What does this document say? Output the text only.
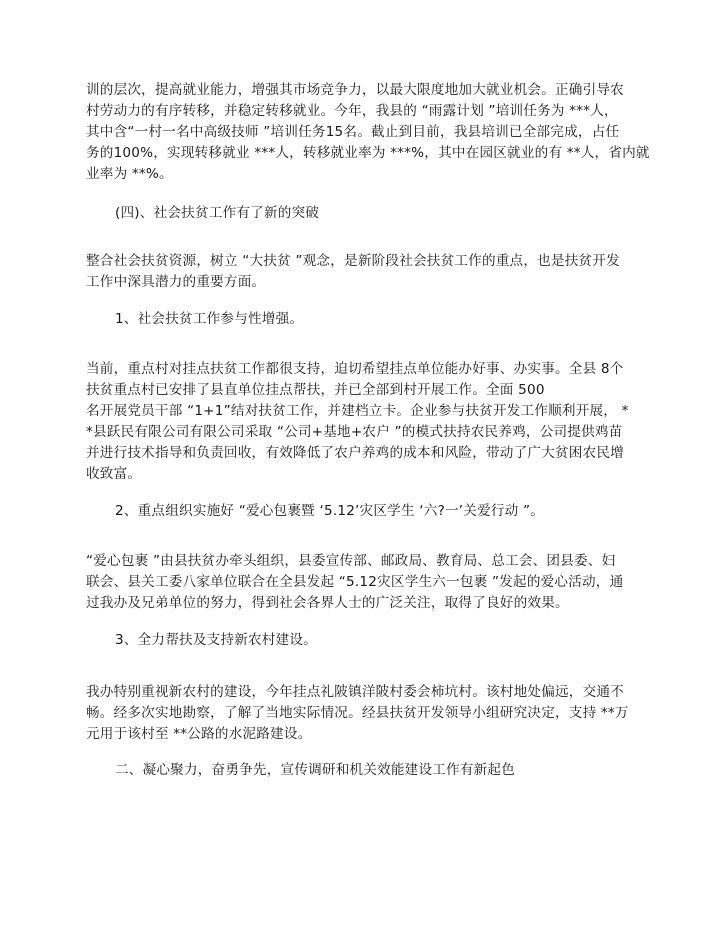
训的层次，提高就业能力，增强其市场竞争力，以最大限度地加大就业机会。正确引导农
村劳动力的有序转移，并稳定转移就业。今年，我县的 “雨露计划 ”培训任务为 ***人，
其中含“一村一名中高级技师 ”培训任务15名。截止到目前，我县培训已全部完成，占任
务的100%，实现转移就业 ***人，转移就业率为 ***%，其中在园区就业的有 **人，省内就
业率为 **%。
(四)、社会扶贫工作有了新的突破
整合社会扶贫资源，树立 “大扶贫 ”观念，是新阶段社会扶贫工作的重点，也是扶贫开发
工作中深具潜力的重要方面。
1、社会扶贫工作参与性增强。
当前，重点村对挂点扶贫工作都很支持，迫切希望挂点单位能办好事、办实事。全县 8个
扶贫重点村已安排了县直单位挂点帮扶，并已全部到村开展工作。全面 500
名开展党员干部 “1+1”结对扶贫工作，并建档立卡。企业参与扶贫开发工作顺利开展， *
*县跃民有限公司有限公司采取 “公司+基地+农户 ”的模式扶持农民养鸡，公司提供鸡苗
并进行技术指导和负责回收，有效降低了农户养鸡的成本和风险，带动了广大贫困农民增
收致富。
2、重点组织实施好 “爱心包裹暨 ‘5.12’灾区学生 ‘六?一’关爱行动 ”。
“爱心包裹 ”由县扶贫办牵头组织，县委宣传部、邮政局、教育局、总工会、团县委、妇
联会、县关工委八家单位联合在全县发起 “5.12灾区学生六一包裹 ”发起的爱心活动，通
过我办及兄弟单位的努力，得到社会各界人士的广泛关注，取得了良好的效果。
3、全力帮扶及支持新农村建设。
我办特别重视新农村的建设，今年挂点礼陂镇洋陂村委会柿坑村。该村地处偏远，交通不
畅。经多次实地勘察，了解了当地实际情况。经县扶贫开发领导小组研究决定，支持 **万
元用于该村至 **公路的水泥路建设。
二、凝心聚力，奋勇争先，宣传调研和机关效能建设工作有新起色
